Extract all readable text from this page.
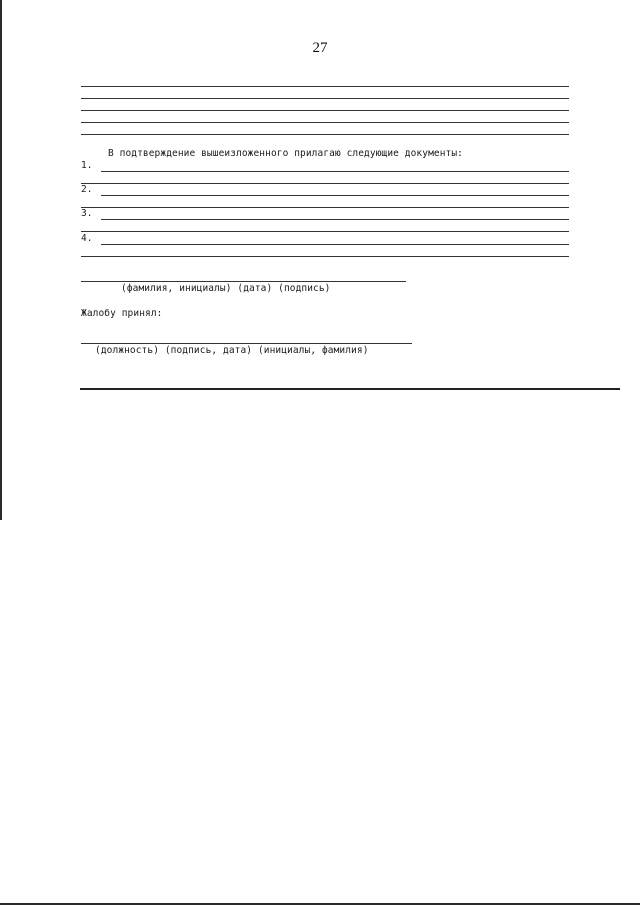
27
В подтверждение вышеизложенного прилагаю следующие документы:
1.
2.
3.
4.
(фамилия, инициалы) (дата) (подпись)
Жалобу принял:
(должность) (подпись, дата) (инициалы, фамилия)
